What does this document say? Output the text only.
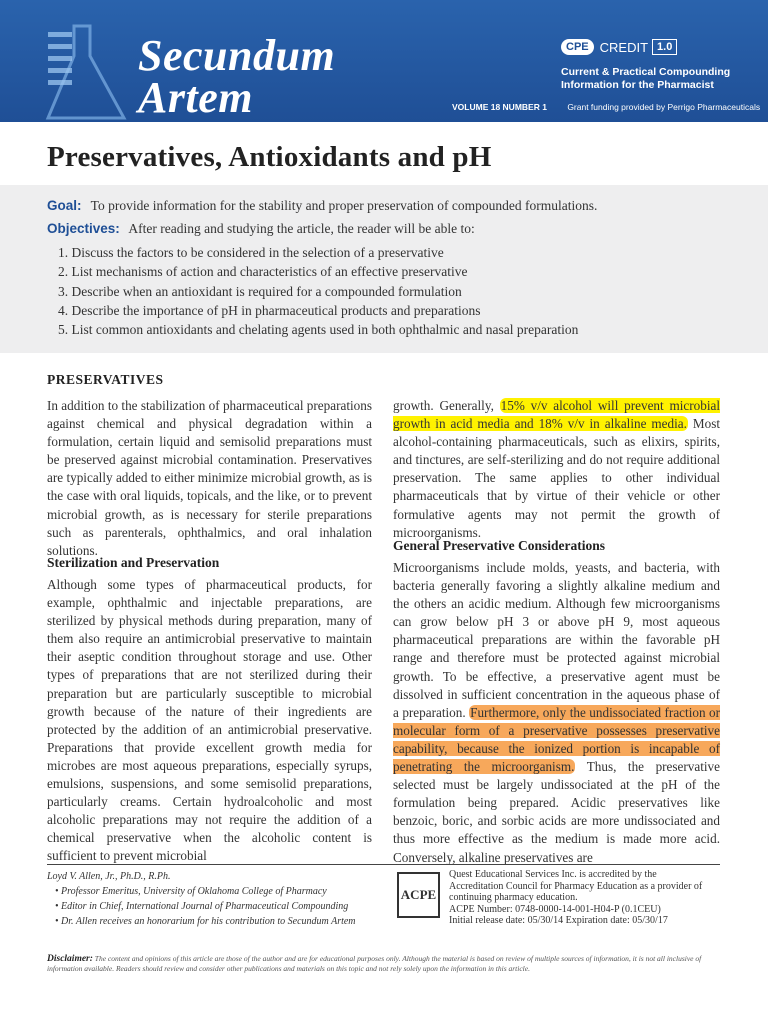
Secundum
Artem
CPE CREDIT 1.0
Current & Practical Compounding
Information for the Pharmacist
VOLUME 18 NUMBER 1 Grant funding provided by Perrigo Pharmaceuticals
Preservatives, Antioxidants and pH
Goal: To provide information for the stability and proper preservation of compounded formulations.
Objectives: After reading and studying the article, the reader will be able to:
1. Discuss the factors to be considered in the selection of a preservative
2. List mechanisms of action and characteristics of an effective preservative
3. Describe when an antioxidant is required for a compounded formulation
4. Describe the importance of pH in pharmaceutical products and preparations
5. List common antioxidants and chelating agents used in both ophthalmic and nasal preparation
PRESERVATIVES

In addition to the stabilization of pharmaceutical preparations against chemical and physical degradation within a formulation, certain liquid and semisolid preparations must be preserved against microbial contamination. Preservatives are typically added to either minimize microbial growth, as is the case with oral liquids, topicals, and the like, or to prevent microbial growth, as is necessary for sterile preparations such as parenterals, ophthalmics, and oral inhalation solutions.

Sterilization and Preservation

Although some types of pharmaceutical products, for example, ophthalmic and injectable preparations, are sterilized by physical methods during preparation, many of them also require an antimicrobial preservative to maintain their aseptic condition throughout storage and use. Other types of preparations that are not sterilized during their preparation but are particularly susceptible to microbial growth because of the nature of their ingredients are protected by the addition of an antimicrobial preservative. Preparations that provide excellent growth media for microbes are most aqueous preparations, especially syrups, emulsions, suspensions, and some semisolid preparations, particularly creams. Certain hydroalcoholic and most alcoholic preparations may not require the addition of a chemical preservative when the alcoholic content is sufficient to prevent microbial

growth. Generally, 15% v/v alcohol will prevent microbial growth in acid media and 18% v/v in alkaline media. Most alcohol-containing pharmaceuticals, such as elixirs, spirits, and tinctures, are self-sterilizing and do not require additional preservation. The same applies to other individual pharmaceuticals that by virtue of their vehicle or other formulative agents may not permit the growth of microorganisms.

General Preservative Considerations

Microorganisms include molds, yeasts, and bacteria, with bacteria generally favoring a slightly alkaline medium and the others an acidic medium. Although few microorganisms can grow below pH 3 or above pH 9, most aqueous pharmaceutical preparations are within the favorable pH range and therefore must be protected against microbial growth. To be effective, a preservative agent must be dissolved in sufficient concentration in the aqueous phase of a preparation. Furthermore, only the undissociated fraction or molecular form of a preservative possesses preservative capability, because the ionized portion is incapable of penetrating the microorganism. Thus, the preservative selected must be largely undissociated at the pH of the formulation being prepared. Acidic preservatives like benzoic, boric, and sorbic acids are more undissociated and thus more effective as the medium is made more acid. Conversely, alkaline preservatives are

Loyd V. Allen, Jr., Ph.D., R.Ph.
• Professor Emeritus, University of Oklahoma College of Pharmacy
• Editor in Chief, International Journal of Pharmaceutical Compounding
• Dr. Allen receives an honorarium for his contribution to Secundum Artem
ACPE
Quest Educational Services Inc. is accredited by the Accreditation Council for Pharmacy Education as a provider of continuing pharmacy education.
ACPE Number: 0748-0000-14-001-H04-P (0.1CEU)
Initial release date: 05/30/14 Expiration date: 05/30/17
Disclaimer: The content and opinions of this article are those of the author and are for educational purposes only. Although the material is based on review of multiple sources of information, it is not all inclusive of information available. Readers should review and consider other publications and materials on this topic and not rely solely upon the information in this article.
